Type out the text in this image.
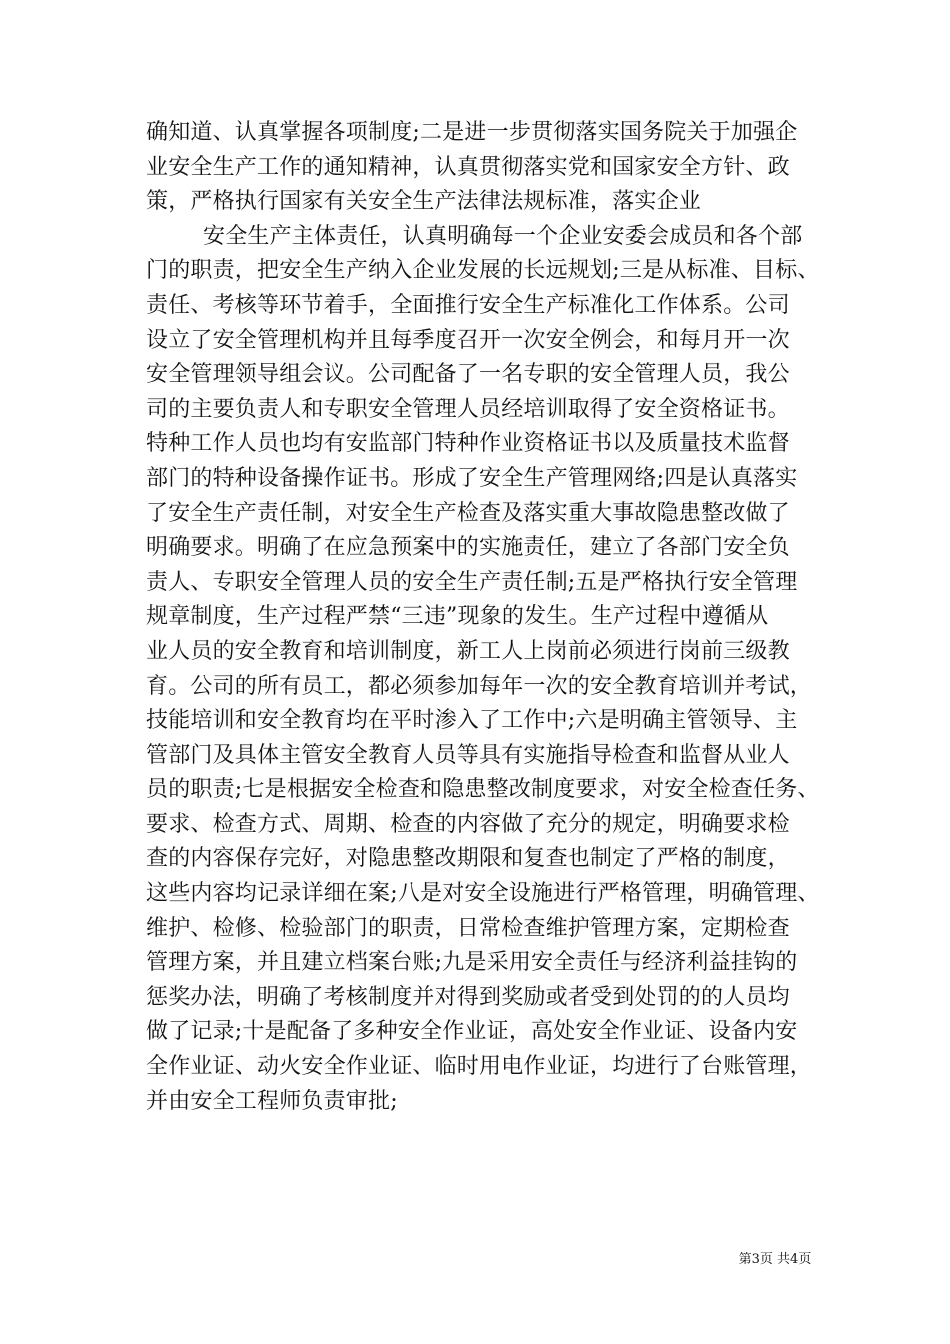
确知道、认真掌握各项制度;二是进一步贯彻落实国务院关于加强企
业安全生产工作的通知精神，认真贯彻落实党和国家安全方针、政
策，严格执行国家有关安全生产法律法规标准，落实企业
安全生产主体责任，认真明确每一个企业安委会成员和各个部
门的职责，把安全生产纳入企业发展的长远规划;三是从标准、目标、
责任、考核等环节着手，全面推行安全生产标准化工作体系。公司
设立了安全管理机构并且每季度召开一次安全例会，和每月开一次
安全管理领导组会议。公司配备了一名专职的安全管理人员，我公
司的主要负责人和专职安全管理人员经培训取得了安全资格证书。
特种工作人员也均有安监部门特种作业资格证书以及质量技术监督
部门的特种设备操作证书。形成了安全生产管理网络;四是认真落实
了安全生产责任制，对安全生产检查及落实重大事故隐患整改做了
明确要求。明确了在应急预案中的实施责任，建立了各部门安全负
责人、专职安全管理人员的安全生产责任制;五是严格执行安全管理
规章制度，生产过程严禁“三违”现象的发生。生产过程中遵循从
业人员的安全教育和培训制度，新工人上岗前必须进行岗前三级教
育。公司的所有员工，都必须参加每年一次的安全教育培训并考试，
技能培训和安全教育均在平时渗入了工作中;六是明确主管领导、主
管部门及具体主管安全教育人员等具有实施指导检查和监督从业人
员的职责;七是根据安全检查和隐患整改制度要求，对安全检查任务、
要求、检查方式、周期、检查的内容做了充分的规定，明确要求检
查的内容保存完好，对隐患整改期限和复查也制定了严格的制度，
这些内容均记录详细在案;八是对安全设施进行严格管理，明确管理、
维护、检修、检验部门的职责，日常检查维护管理方案，定期检查
管理方案，并且建立档案台账;九是采用安全责任与经济利益挂钩的
惩奖办法，明确了考核制度并对得到奖励或者受到处罚的的人员均
做了记录;十是配备了多种安全作业证，高处安全作业证、设备内安
全作业证、动火安全作业证、临时用电作业证，均进行了台账管理，
并由安全工程师负责审批;
第3页 共4页
